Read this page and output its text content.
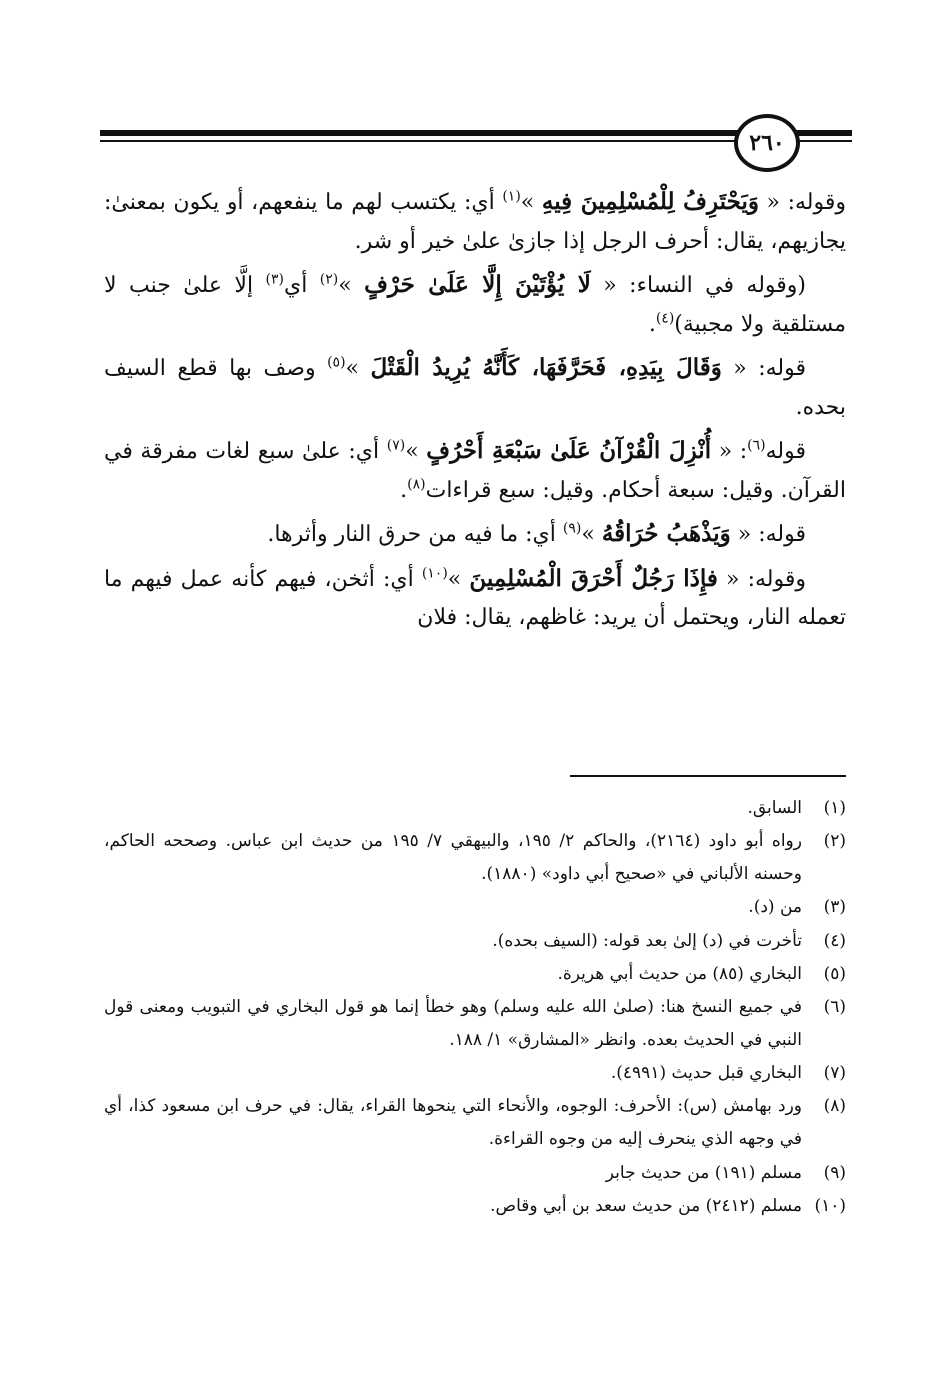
٢٦٠

وقوله: « وَيَحْتَرِفُ لِلْمُسْلِمِينَ فِيهِ »$^{(١)}$ أي: يكتسب لهم ما ينفعهم، أو يكون بمعنىٰ: يجازيهم، يقال: أحرف الرجل إذا جازىٰ علىٰ خير أو شر.

(وقوله في النساء: « لَا يُؤْتَيْنَ إِلَّا عَلَىٰ حَرْفٍ »$^{(٢)}$ أي$^{(٣)}$ إلَّا علىٰ جنب لا مستلقية ولا مجبية)$^{(٤)}$.

قوله: « وَقَالَ بِيَدِهِ، فَحَرَّفَهَا، كَأَنَّهُ يُرِيدُ الْقَتْلَ »$^{(٥)}$ وصف بها قطع السيف بحده.

قوله$^{(٦)}$: « أُنْزِلَ الْقُرْآنُ عَلَىٰ سَبْعَةِ أَحْرُفٍ »$^{(٧)}$ أي: علىٰ سبع لغات مفرقة في القرآن. وقيل: سبعة أحكام. وقيل: سبع قراءات$^{(٨)}$.

قوله: « وَيَذْهَبُ حُرَاقُهُ »$^{(٩)}$ أي: ما فيه من حرق النار وأثرها.

وقوله: « فإِذَا رَجُلٌ أَحْرَقَ الْمُسْلِمِينَ »$^{(١٠)}$ أي: أثخن، فيهم كأنه عمل فيهم ما تعمله النار، ويحتمل أن يريد: غاظهم، يقال: فلان

(١)
السابق.
(٢)
رواه أبو داود (٢١٦٤)، والحاكم ٢/ ١٩٥، والبيهقي ٧/ ١٩٥ من حديث ابن عباس. وصححه الحاكم، وحسنه الألباني في «صحيح أبي داود» (١٨٨٠).
(٣)
من (د).
(٤)
تأخرت في (د) إلىٰ بعد قوله: (السيف بحده).
(٥)
البخاري (٨٥) من حديث أبي هريرة.
(٦)
في جميع النسخ هنا: (صلىٰ الله عليه وسلم) وهو خطأ إنما هو قول البخاري في التبويب ومعنى قول النبي في الحديث بعده. وانظر «المشارق» ١/ ١٨٨.
(٧)
البخاري قبل حديث (٤٩٩١).
(٨)
ورد بهامش (س): الأحرف: الوجوه، والأنحاء التي ينحوها القراء، يقال: في حرف ابن مسعود كذا، أي في وجهه الذي ينحرف إليه من وجوه القراءة.
(٩)
مسلم (١٩١) من حديث جابر
(١٠)
مسلم (٢٤١٢) من حديث سعد بن أبي وقاص.
